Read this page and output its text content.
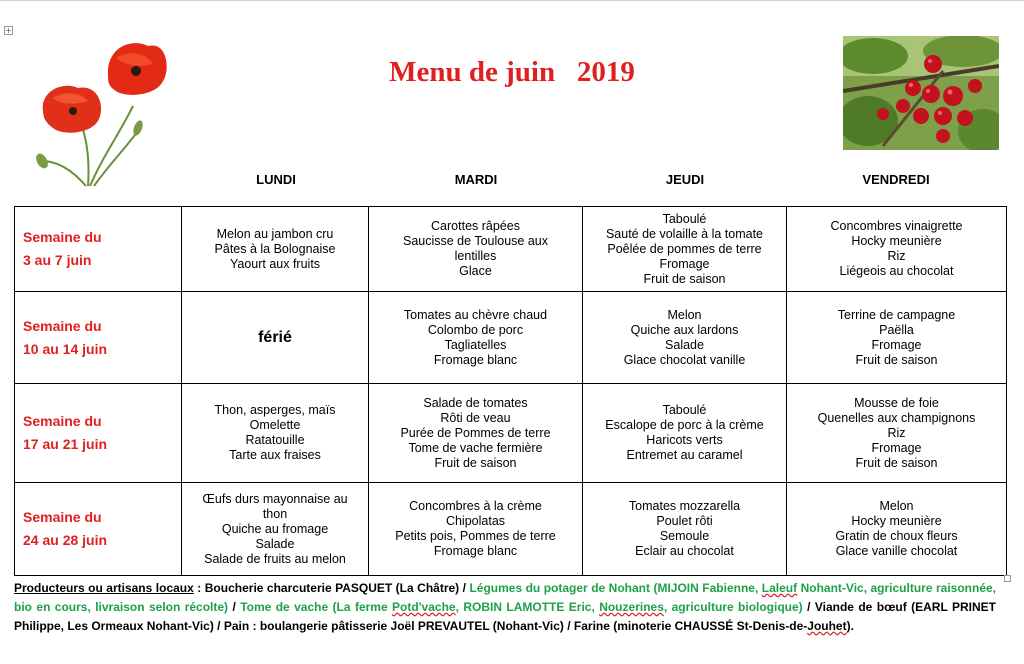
+
Menu de juin   2019
LUNDI	MARDI	JEUDI	VENDREDI
Semaine du
3 au 7 juin	Melon au jambon cru
Pâtes à la Bolognaise
Yaourt aux fruits	Carottes râpées
Saucisse de Toulouse aux
lentilles
Glace	Taboulé
Sauté de volaille à la tomate
Poêlée de pommes de terre
Fromage
Fruit de saison	Concombres vinaigrette
Hocky meunière
Riz
Liégeois au chocolat

Semaine du
10 au 14 juin	férié	Tomates au chèvre chaud
Colombo de porc
Tagliatelles
Fromage blanc	Melon
Quiche aux lardons
Salade
Glace chocolat vanille	Terrine de campagne
Paëlla
Fromage
Fruit de saison

Semaine du
17 au 21 juin	Thon, asperges, maïs
Omelette
Ratatouille
Tarte aux fraises	Salade de tomates
Rôti de veau
Purée de Pommes de terre
Tome de vache fermière
Fruit de saison	Taboulé
Escalope de porc à la crème
Haricots verts
Entremet au caramel	Mousse de foie
Quenelles aux champignons
Riz
Fromage
Fruit de saison

Semaine du
24 au 28 juin	Œufs durs mayonnaise au
thon
Quiche au fromage
Salade
Salade de fruits au melon	Concombres à la crème
Chipolatas
Petits pois, Pommes de terre
Fromage blanc	Tomates mozzarella
Poulet rôti
Semoule
Eclair au chocolat	Melon
Hocky meunière
Gratin de choux fleurs
Glace vanille chocolat
Producteurs ou artisans locaux : Boucherie charcuterie PASQUET (La Châtre) / Légumes du potager de Nohant (MIJOIN Fabienne, Laleuf Nohant-Vic, agriculture raisonnée, bio en cours, livraison selon récolte) / Tome de vache (La ferme Potd'vache, ROBIN LAMOTTE Eric, Nouzerines, agriculture biologique) / Viande de bœuf (EARL PRINET Philippe, Les Ormeaux Nohant-Vic) / Pain : boulangerie pâtisserie Joël PREVAUTEL (Nohant-Vic) / Farine (minoterie CHAUSSÉ St-Denis-de-Jouhet).
